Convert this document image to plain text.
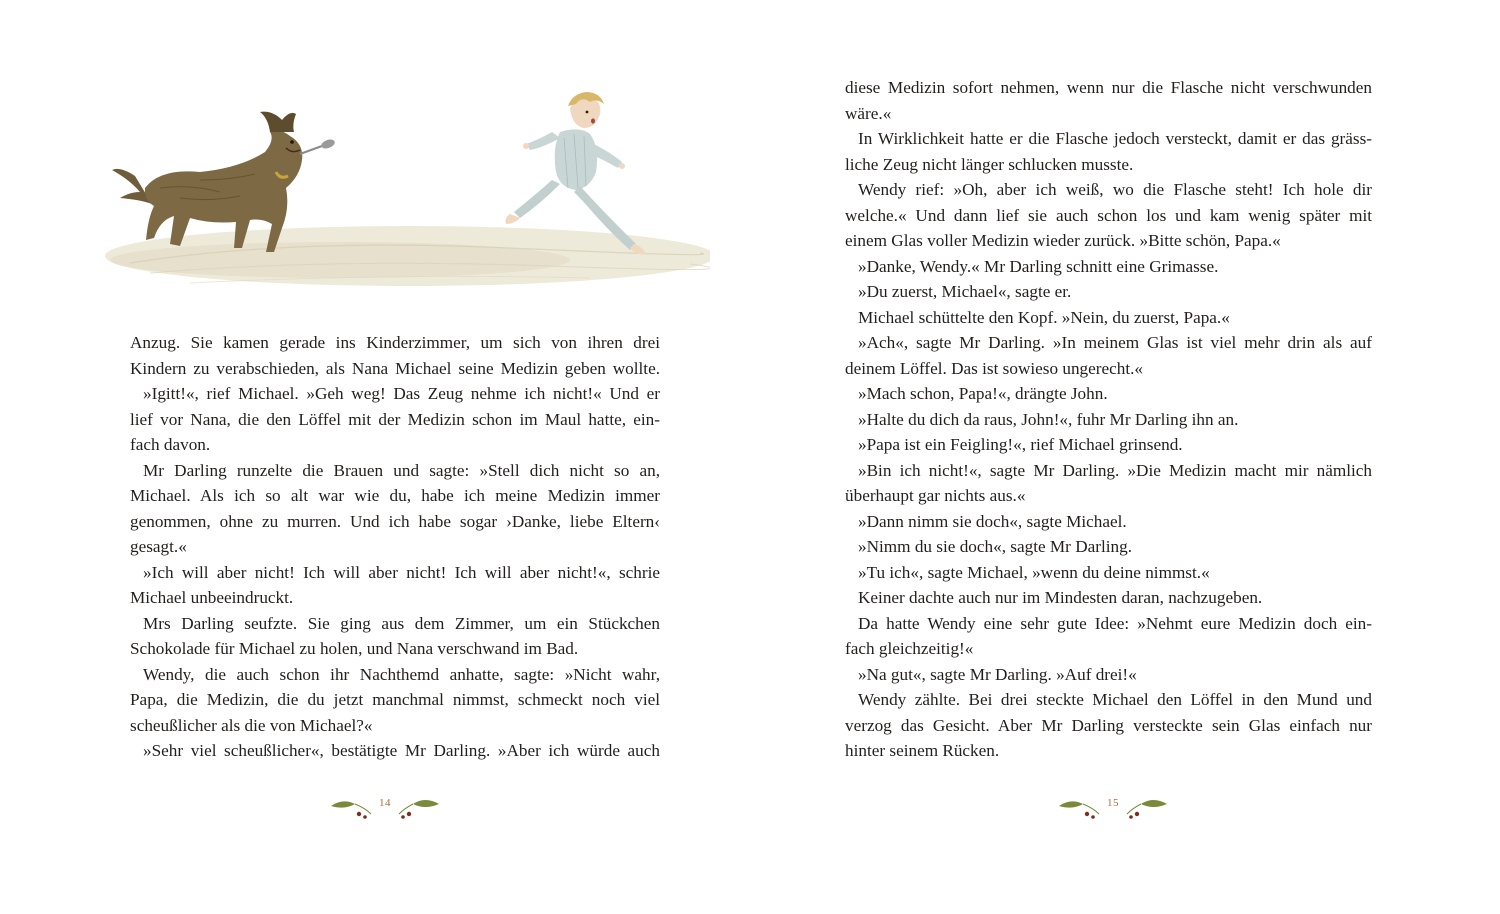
Anzug. Sie kamen gerade ins Kinderzimmer, um sich von ihren drei
Kindern zu verabschieden, als Nana Michael seine Medizin geben wollte.
»Igitt!«, rief Michael. »Geh weg! Das Zeug nehme ich nicht!« Und er
lief vor Nana, die den Löffel mit der Medizin schon im Maul hatte, ein-
fach davon.
Mr Darling runzelte die Brauen und sagte: »Stell dich nicht so an,
Michael. Als ich so alt war wie du, habe ich meine Medizin immer
genommen, ohne zu murren. Und ich habe sogar ›Danke, liebe Eltern‹
gesagt.«
»Ich will aber nicht! Ich will aber nicht! Ich will aber nicht!«, schrie
Michael unbeeindruckt.
Mrs Darling seufzte. Sie ging aus dem Zimmer, um ein Stückchen
Schokolade für Michael zu holen, und Nana verschwand im Bad.
Wendy, die auch schon ihr Nachthemd anhatte, sagte: »Nicht wahr,
Papa, die Medizin, die du jetzt manchmal nimmst, schmeckt noch viel
scheußlicher als die von Michael?«
»Sehr viel scheußlicher«, bestätigte Mr Darling. »Aber ich würde auch
14
diese Medizin sofort nehmen, wenn nur die Flasche nicht verschwunden
wäre.«
In Wirklichkeit hatte er die Flasche jedoch versteckt, damit er das gräss-
liche Zeug nicht länger schlucken musste.
Wendy rief: »Oh, aber ich weiß, wo die Flasche steht! Ich hole dir
welche.« Und dann lief sie auch schon los und kam wenig später mit
einem Glas voller Medizin wieder zurück. »Bitte schön, Papa.«
»Danke, Wendy.« Mr Darling schnitt eine Grimasse.
»Du zuerst, Michael«, sagte er.
Michael schüttelte den Kopf. »Nein, du zuerst, Papa.«
»Ach«, sagte Mr Darling. »In meinem Glas ist viel mehr drin als auf
deinem Löffel. Das ist sowieso ungerecht.«
»Mach schon, Papa!«, drängte John.
»Halte du dich da raus, John!«, fuhr Mr Darling ihn an.
»Papa ist ein Feigling!«, rief Michael grinsend.
»Bin ich nicht!«, sagte Mr Darling. »Die Medizin macht mir nämlich
überhaupt gar nichts aus.«
»Dann nimm sie doch«, sagte Michael.
»Nimm du sie doch«, sagte Mr Darling.
»Tu ich«, sagte Michael, »wenn du deine nimmst.«
Keiner dachte auch nur im Mindesten daran, nachzugeben.
Da hatte Wendy eine sehr gute Idee: »Nehmt eure Medizin doch ein-
fach gleichzeitig!«
»Na gut«, sagte Mr Darling. »Auf drei!«
Wendy zählte. Bei drei steckte Michael den Löffel in den Mund und
verzog das Gesicht. Aber Mr Darling versteckte sein Glas einfach nur
hinter seinem Rücken.
15
